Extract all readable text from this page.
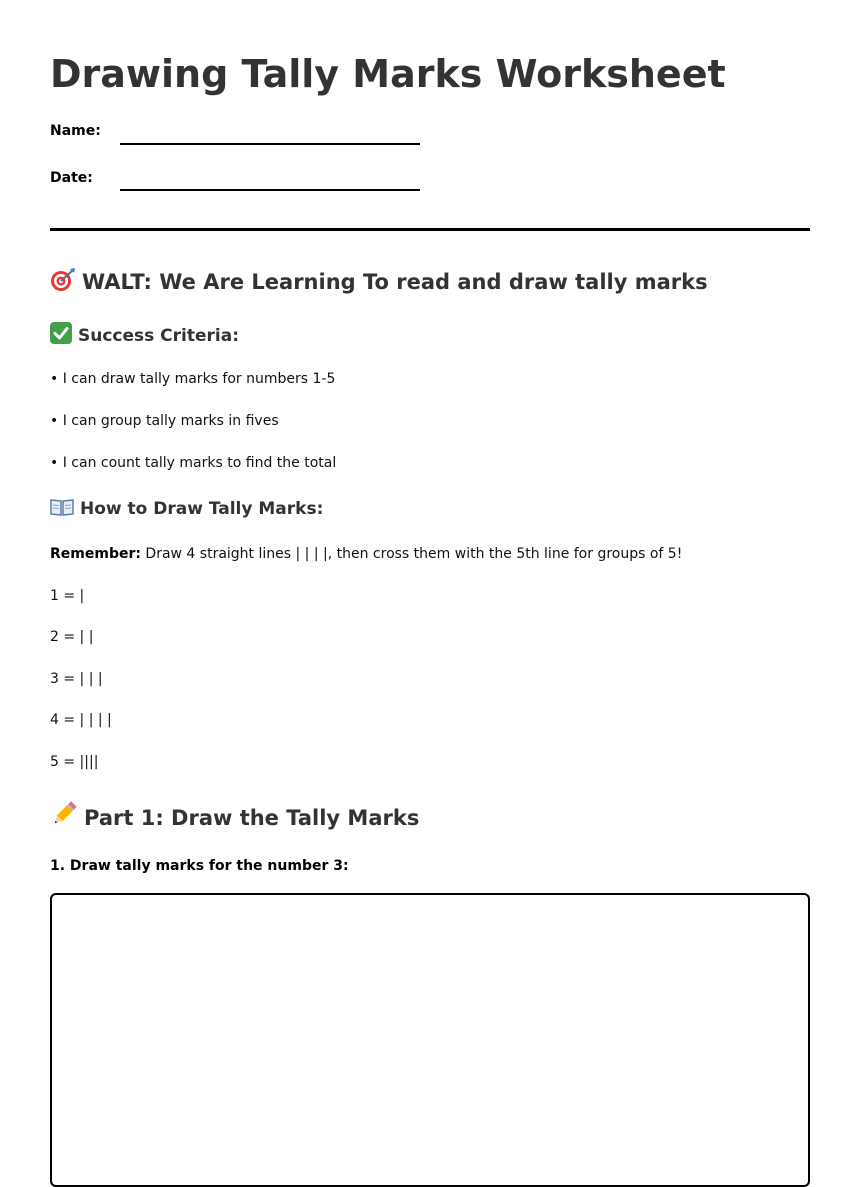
Drawing Tally Marks Worksheet
Name:
Date:
WALT: We Are Learning To read and draw tally marks
Success Criteria:

• I can draw tally marks for numbers 1-5

• I can group tally marks in fives

• I can count tally marks to find the total

How to Draw Tally Marks:

Remember: Draw 4 straight lines | | | |, then cross them with the 5th line for groups of 5!

1 = |

2 = | |

3 = | | |

4 = | | | |

5 = ||||

Part 1: Draw the Tally Marks

1. Draw tally marks for the number 3:
